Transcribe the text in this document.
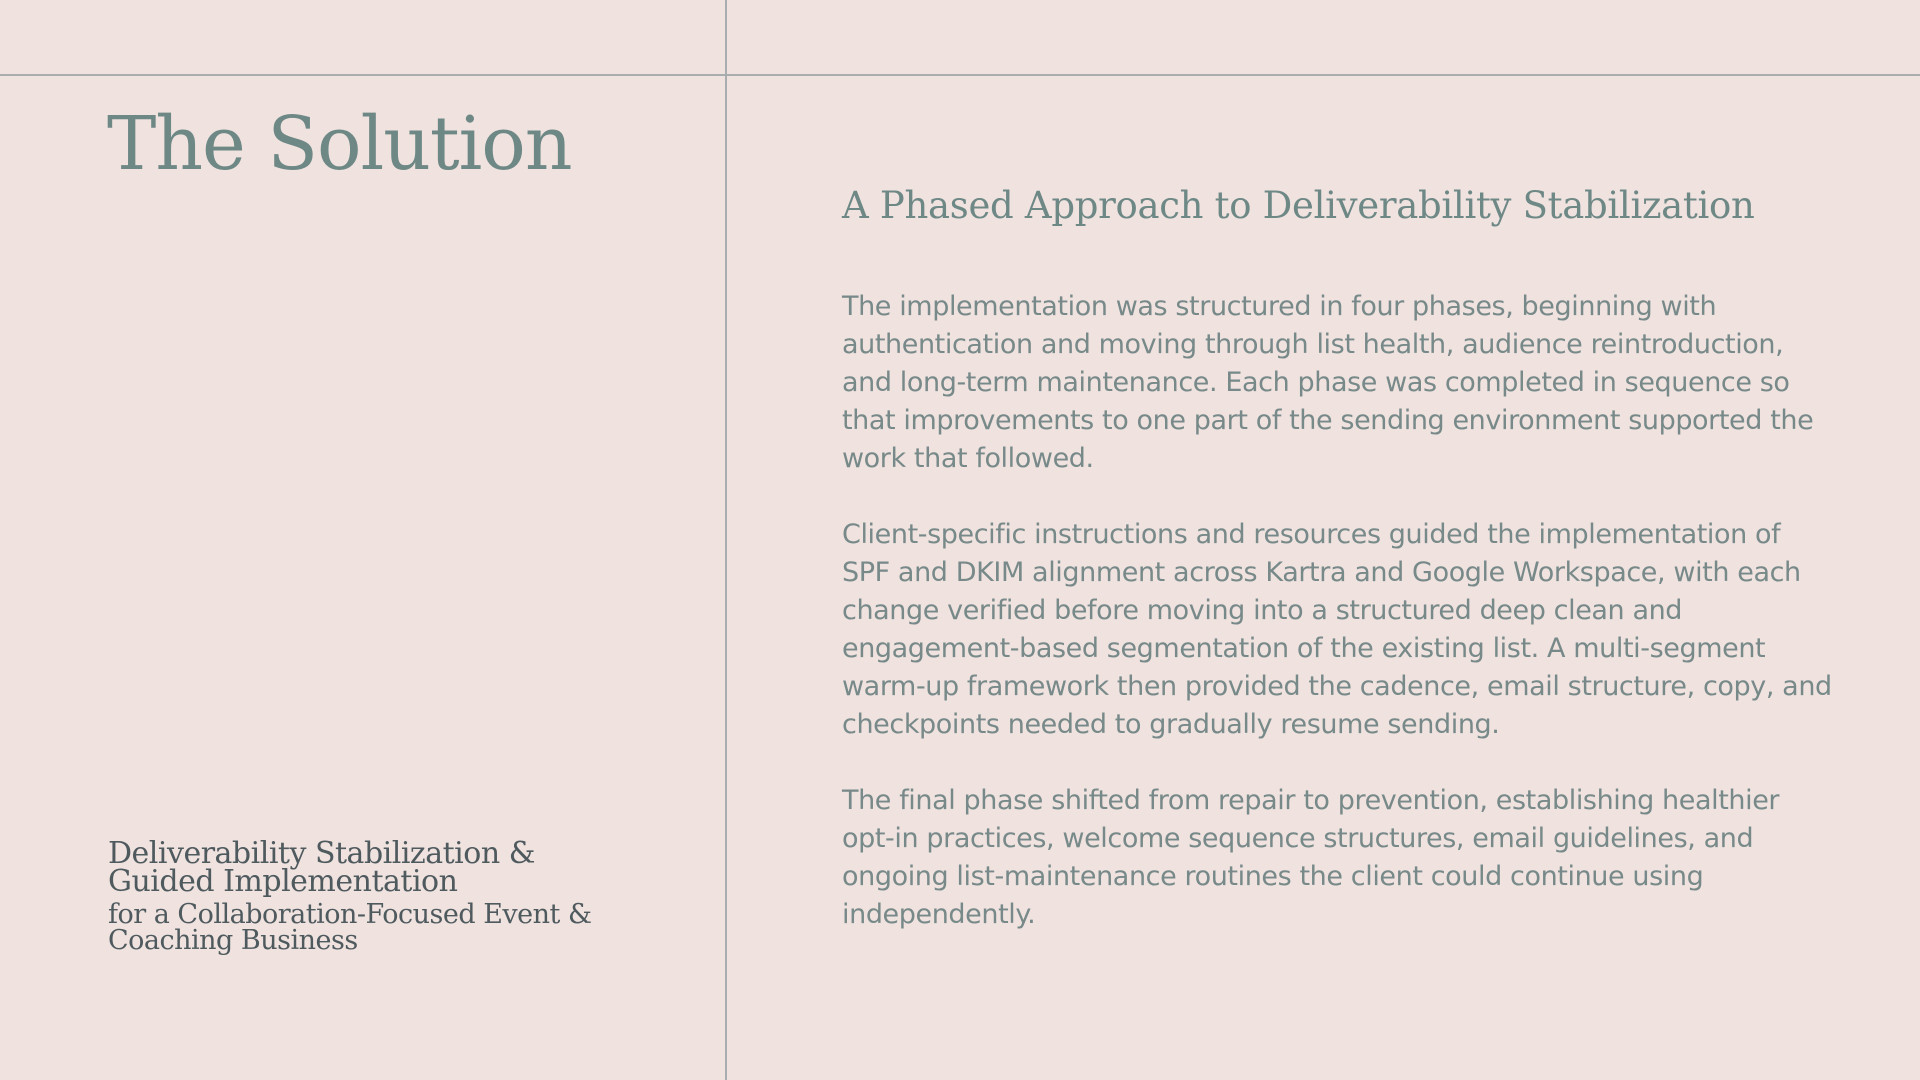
The Solution

Deliverability Stabilization &
Guided Implementation

for a Collaboration-Focused Event &
Coaching Business

A Phased Approach to Deliverability Stabilization

The implementation was structured in four phases, beginning with authentication and moving through list health, audience reintroduction, and long-term maintenance. Each phase was completed in sequence so that improvements to one part of the sending environment supported the work that followed.

Client-specific instructions and resources guided the implementation of SPF and DKIM alignment across Kartra and Google Workspace, with each change verified before moving into a structured deep clean and engagement-based segmentation of the existing list. A multi-segment warm-up framework then provided the cadence, email structure, copy, and checkpoints needed to gradually resume sending.

The final phase shifted from repair to prevention, establishing healthier opt-in practices, welcome sequence structures, email guidelines, and ongoing list-maintenance routines the client could continue using independently.
